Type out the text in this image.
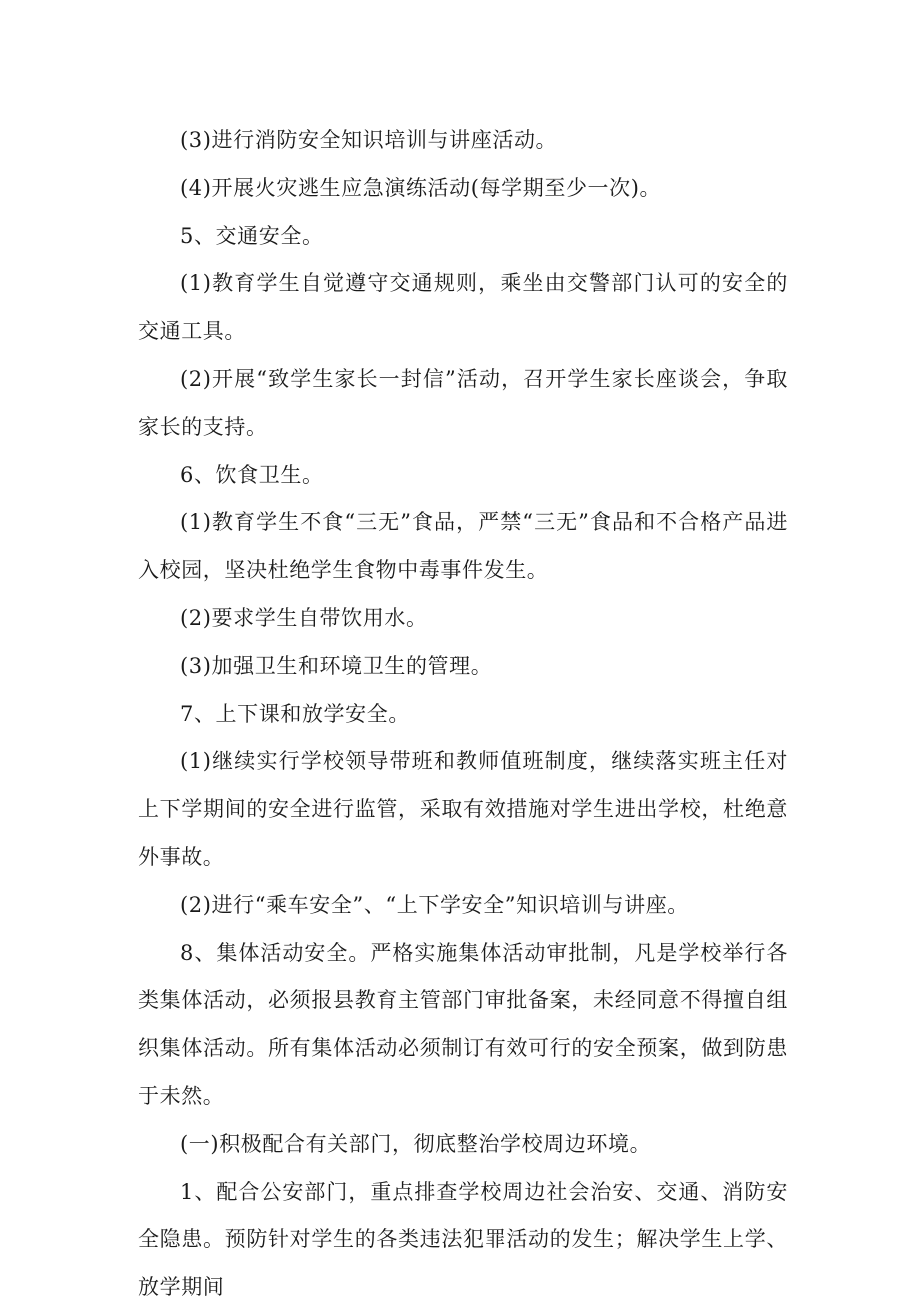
(3)进行消防安全知识培训与讲座活动。

(4)开展火灾逃生应急演练活动(每学期至少一次)。

5、交通安全。

(1)教育学生自觉遵守交通规则，乘坐由交警部门认可的安全的交通工具。

(2)开展“致学生家长一封信”活动，召开学生家长座谈会，争取家长的支持。

6、饮食卫生。

(1)教育学生不食“三无”食品，严禁“三无”食品和不合格产品进入校园，坚决杜绝学生食物中毒事件发生。

(2)要求学生自带饮用水。

(3)加强卫生和环境卫生的管理。

7、上下课和放学安全。

(1)继续实行学校领导带班和教师值班制度，继续落实班主任对上下学期间的安全进行监管，采取有效措施对学生进出学校，杜绝意外事故。

(2)进行“乘车安全”、“上下学安全”知识培训与讲座。

8、集体活动安全。严格实施集体活动审批制，凡是学校举行各类集体活动，必须报县教育主管部门审批备案，未经同意不得擅自组织集体活动。所有集体活动必须制订有效可行的安全预案，做到防患于未然。

(一)积极配合有关部门，彻底整治学校周边环境。

1、配合公安部门，重点排查学校周边社会治安、交通、消防安全隐患。预防针对学生的各类违法犯罪活动的发生；解决学生上学、放学期间
